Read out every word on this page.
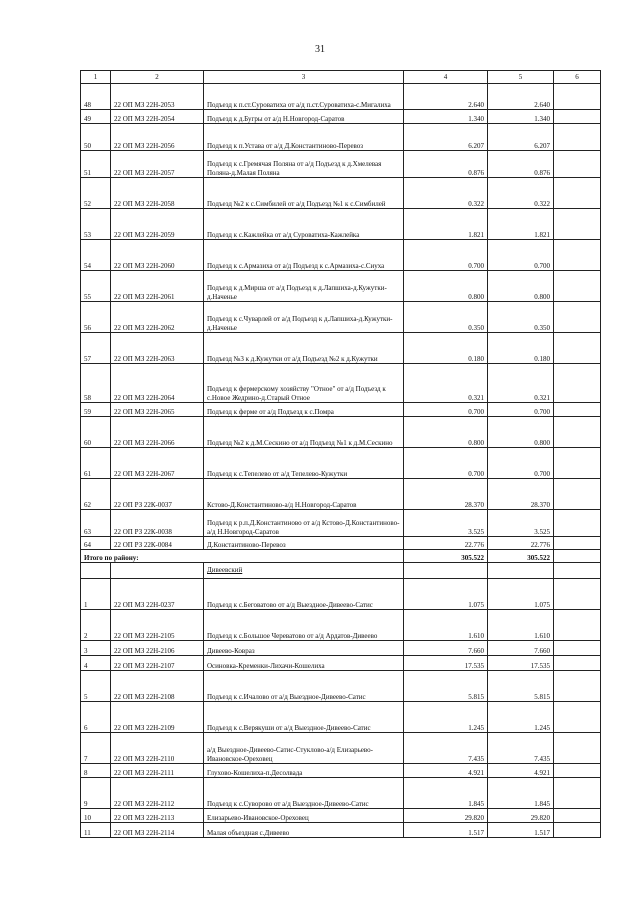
31
1	2	3	4	5	6
48	22 ОП МЗ 22Н-2053	Подъезд к п.ст.Суроватиха от а/д п.ст.Суроватиха-с.Мигалиха	2.640	2.640	
49	22 ОП МЗ 22Н-2054	Подъезд к д.Бугры от а/д Н.Новгород-Саратов	1.340	1.340	
50	22 ОП МЗ 22Н-2056	Подъезд к п.Устава от а/д Д.Константиново-Перевоз	6.207	6.207	
51	22 ОП МЗ 22Н-2057	Подъезд к с.Гремячая Поляна от а/д Подъезд к д.Хмелевая Поляна-д.Малая Поляна	0.876	0.876	
52	22 ОП МЗ 22Н-2058	Подъезд №2 к с.Симбилей от а/д Подъезд №1 к с.Симбилей	0.322	0.322	
53	22 ОП МЗ 22Н-2059	Подъезд к с.Кажлейка от а/д Суроватиха-Кажлейка	1.821	1.821	
54	22 ОП МЗ 22Н-2060	Подъезд к с.Армазиха от а/д Подъезд к с.Армазиха-с.Сиуха	0.700	0.700	
55	22 ОП МЗ 22Н-2061	Подъезд к д.Мирша от а/д Подъезд к д.Лапшиха-д.Кужутки-д.Наченье	0.800	0.800	
56	22 ОП МЗ 22Н-2062	Подъезд к с.Чуварлей от а/д Подъезд к д.Лапшиха-д.Кужутки-д.Наченье	0.350	0.350	
57	22 ОП МЗ 22Н-2063	Подъезд №3 к д.Кужутки от а/д Подъезд №2 к д.Кужутки	0.180	0.180	
58	22 ОП МЗ 22Н-2064	Подъезд к фермерскому хозяйству "Отное" от а/д Подъезд к с.Новое Жедрино-д.Старый Отное	0.321	0.321	
59	22 ОП МЗ 22Н-2065	Подъезд к ферме от а/д Подъезд к с.Помра	0.700	0.700	
60	22 ОП МЗ 22Н-2066	Подъезд №2 к д.М.Сескино от а/д Подъезд №1 к д.М.Сескино	0.800	0.800	
61	22 ОП МЗ 22Н-2067	Подъезд к с.Тепелево от а/д Тепелево-Кужутки	0.700	0.700	
62	22 ОП РЗ 22К-0037	Кстово-Д.Константиново-а/д Н.Новгород-Саратов	28.370	28.370	
63	22 ОП РЗ 22К-0038	Подъезд к р.п.Д.Константиново от а/д Кстово-Д.Константиново-а/д Н.Новгород-Саратов	3.525	3.525	
64	22 ОП РЗ 22К-0084	Д.Константиново-Перевоз	22.776	22.776	
Итого по району:			305.522	305.522	
		Дивеевский			
1	22 ОП МЗ 22Н-0237	Подъезд к с.Беговатово от а/д Выездное-Дивеево-Сатис	1.075	1.075	
2	22 ОП МЗ 22Н-2105	Подъезд к с.Большое Череватово от а/д Ардатов-Дивеево	1.610	1.610	
3	22 ОП МЗ 22Н-2106	Дивеево-Ковраз	7.660	7.660	
4	22 ОП МЗ 22Н-2107	Осиновка-Кременки-Лихачи-Кошелиха	17.535	17.535	
5	22 ОП МЗ 22Н-2108	Подъезд к с.Ичалово от а/д Выездное-Дивеево-Сатис	5.815	5.815	
6	22 ОП МЗ 22Н-2109	Подъезд к с.Верякуши от а/д Выездное-Дивеево-Сатис	1.245	1.245	
7	22 ОП МЗ 22Н-2110	а/д Выездное-Дивеево-Сатис-Стуклово-а/д Елизарьево-Ивановское-Ореховец	7.435	7.435	
8	22 ОП МЗ 22Н-2111	Глухово-Кошелиха-п.Десолвада	4.921	4.921	
9	22 ОП МЗ 22Н-2112	Подъезд к с.Суворово от а/д Выездное-Дивеево-Сатис	1.845	1.845	
10	22 ОП МЗ 22Н-2113	Елизарьево-Ивановское-Ореховец	29.820	29.820	
11	22 ОП МЗ 22Н-2114	Малая объездная с.Дивеево	1.517	1.517	
